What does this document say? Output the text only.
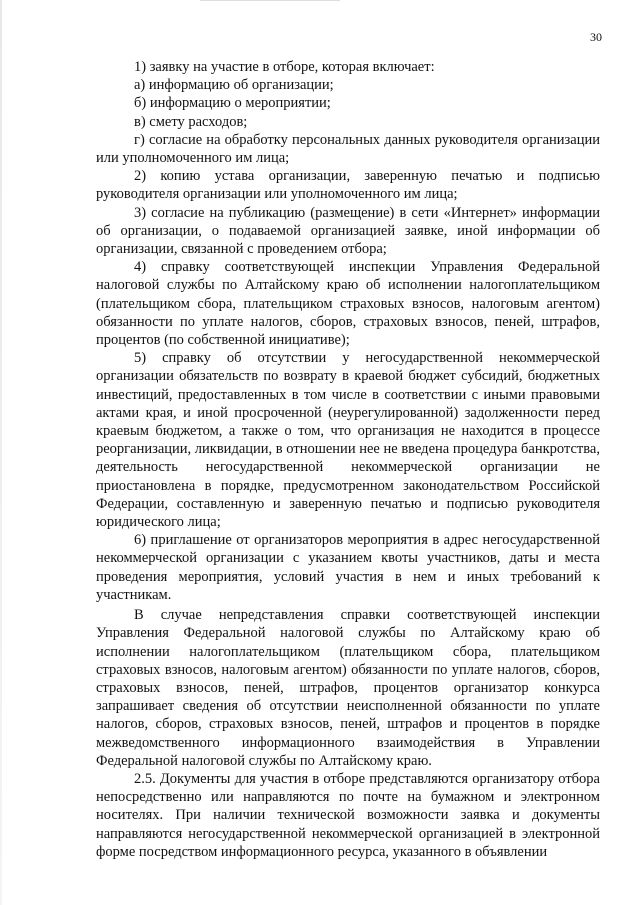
30

1) заявку на участие в отборе, которая включает:

а) информацию об организации;

б) информацию о мероприятии;

в) смету расходов;

г) согласие на обработку персональных данных руководителя организации или уполномоченного им лица;

2) копию устава организации, заверенную печатью и подписью руководителя организации или уполномоченного им лица;

3) согласие на публикацию (размещение) в сети «Интернет» информации об организации, о подаваемой организацией заявке, иной информации об организации, связанной с проведением отбора;

4) справку соответствующей инспекции Управления Федеральной налоговой службы по Алтайскому краю об исполнении налогоплательщиком (плательщиком сбора, плательщиком страховых взносов, налоговым агентом) обязанности по уплате налогов, сборов, страховых взносов, пеней, штрафов, процентов (по собственной инициативе);

5) справку об отсутствии у негосударственной некоммерческой организации обязательств по возврату в краевой бюджет субсидий, бюджетных инвестиций, предоставленных в том числе в соответствии с иными правовыми актами края, и иной просроченной (неурегулированной) задолженности перед краевым бюджетом, а также о том, что организация не находится в процессе реорганизации, ликвидации, в отношении нее не введена процедура банкротства, деятельность негосударственной некоммерческой организации не приостановлена в порядке, предусмотренном законодательством Российской Федерации, составленную и заверенную печатью и подписью руководителя юридического лица;

6) приглашение от организаторов мероприятия в адрес негосударственной некоммерческой организации с указанием квоты участников, даты и места проведения мероприятия, условий участия в нем и иных требований к участникам.

В случае непредставления справки соответствующей инспекции Управления Федеральной налоговой службы по Алтайскому краю об исполнении налогоплательщиком (плательщиком сбора, плательщиком страховых взносов, налоговым агентом) обязанности по уплате налогов, сборов, страховых взносов, пеней, штрафов, процентов организатор конкурса запрашивает сведения об отсутствии неисполненной обязанности по уплате налогов, сборов, страховых взносов, пеней, штрафов и процентов в порядке межведомственного информационного взаимодействия в Управлении Федеральной налоговой службы по Алтайскому краю.

2.5. Документы для участия в отборе представляются организатору отбора непосредственно или направляются по почте на бумажном и электронном носителях. При наличии технической возможности заявка и документы направляются негосударственной некоммерческой организацией в электронной форме посредством информационного ресурса, указанного в объявлении
